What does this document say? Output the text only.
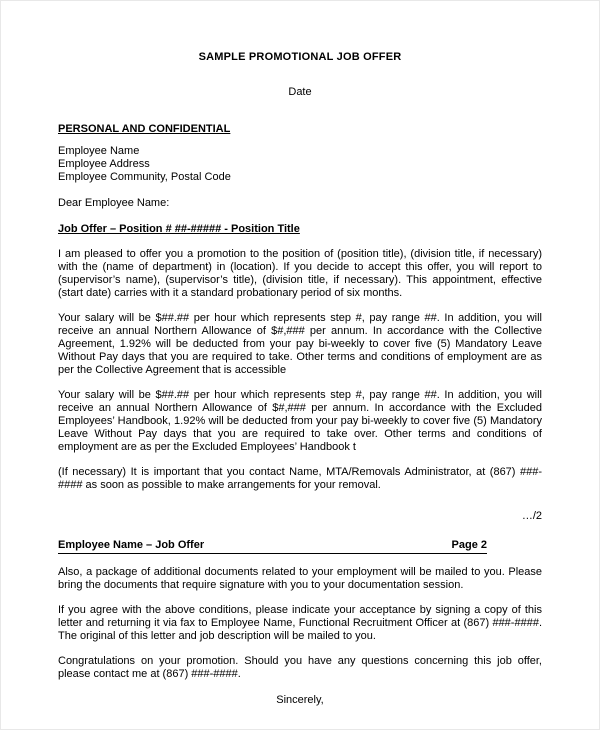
SAMPLE PROMOTIONAL JOB OFFER
Date
PERSONAL AND CONFIDENTIAL
Employee Name
Employee Address
Employee Community, Postal Code
Dear Employee Name:
Job Offer – Position # ##-##### - Position Title

I am pleased to offer you a promotion to the position of (position title), (division title, if necessary) with the (name of department) in (location). If you decide to accept this offer, you will report to (supervisor’s name), (supervisor’s title), (division title, if necessary). This appointment, effective (start date) carries with it a standard probationary period of six months.

Your salary will be $##.## per hour which represents step #, pay range ##. In addition, you will receive an annual Northern Allowance of $#,### per annum. In accordance with the Collective Agreement, 1.92% will be deducted from your pay bi-weekly to cover five (5) Mandatory Leave Without Pay days that you are required to take. Other terms and conditions of employment are as per the Collective Agreement that is accessible

Your salary will be $##.## per hour which represents step #, pay range ##. In addition, you will receive an annual Northern Allowance of $#,### per annum. In accordance with the Excluded Employees’ Handbook, 1.92% will be deducted from your pay bi-weekly to cover five (5) Mandatory Leave Without Pay days that you are required to take over. Other terms and conditions of employment are as per the Excluded Employees’ Handbook t

(If necessary) It is important that you contact Name, MTA/Removals Administrator, at (867) ###-#### as soon as possible to make arrangements for your removal.

…/2
Employee Name – Job Offer	Page 2

Also, a package of additional documents related to your employment will be mailed to you. Please bring the documents that require signature with you to your documentation session.

If you agree with the above conditions, please indicate your acceptance by signing a copy of this letter and returning it via fax to Employee Name, Functional Recruitment Officer at (867) ###-####. The original of this letter and job description will be mailed to you.

Congratulations on your promotion. Should you have any questions concerning this job offer, please contact me at (867) ###-####.

Sincerely,
